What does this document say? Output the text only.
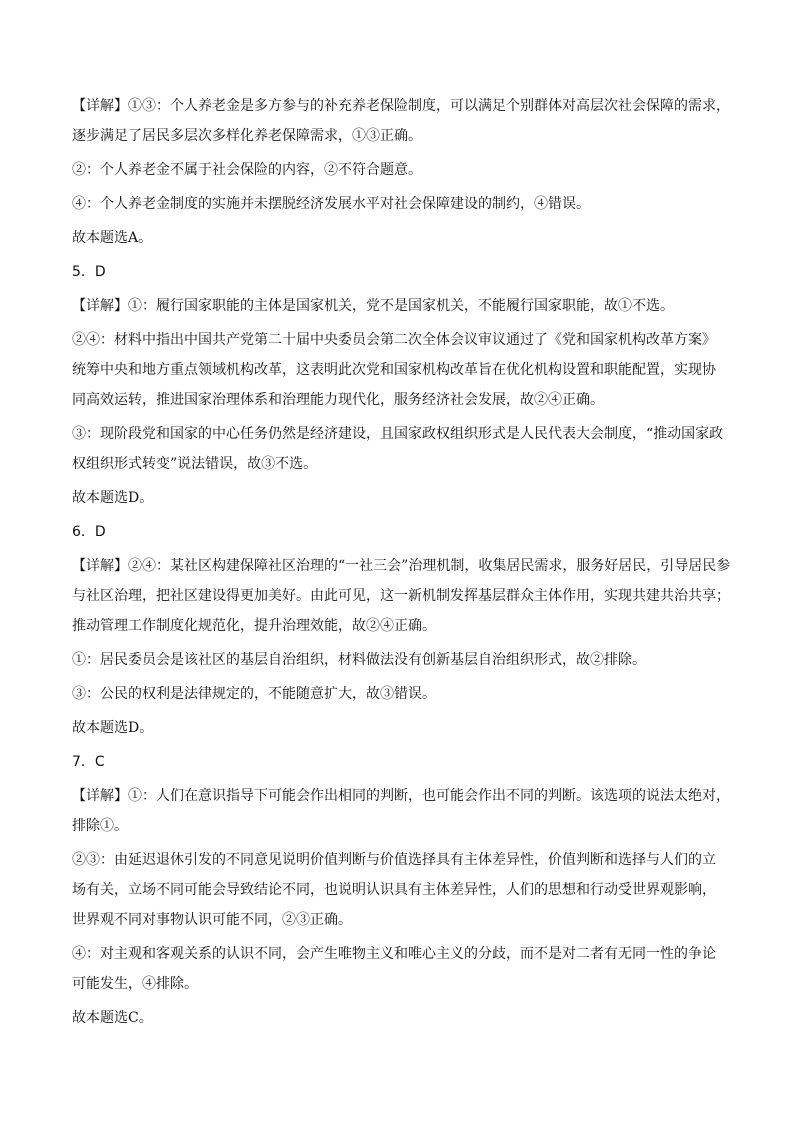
【详解】①③：个人养老金是多方参与的补充养老保险制度，可以满足个别群体对高层次社会保障的需求，

逐步满足了居民多层次多样化养老保障需求，①③正确。

②：个人养老金不属于社会保险的内容，②不符合题意。

④：个人养老金制度的实施并未摆脱经济发展水平对社会保障建设的制约，④错误。

故本题选A。

5．D

【详解】①：履行国家职能的主体是国家机关，党不是国家机关，不能履行国家职能，故①不选。

②④：材料中指出中国共产党第二十届中央委员会第二次全体会议审议通过了《党和国家机构改革方案》

统筹中央和地方重点领域机构改革，这表明此次党和国家机构改革旨在优化机构设置和职能配置，实现协

同高效运转，推进国家治理体系和治理能力现代化，服务经济社会发展，故②④正确。

③：现阶段党和国家的中心任务仍然是经济建设，且国家政权组织形式是人民代表大会制度，“推动国家政

权组织形式转变”说法错误，故③不选。

故本题选D。

6．D

【详解】②④：某社区构建保障社区治理的“一社三会”治理机制，收集居民需求，服务好居民，引导居民参

与社区治理，把社区建设得更加美好。由此可见，这一新机制发挥基层群众主体作用，实现共建共治共享；

推动管理工作制度化规范化，提升治理效能，故②④正确。

①：居民委员会是该社区的基层自治组织，材料做法没有创新基层自治组织形式，故②排除。

③：公民的权利是法律规定的，不能随意扩大，故③错误。

故本题选D。

7．C

【详解】①：人们在意识指导下可能会作出相同的判断，也可能会作出不同的判断。该选项的说法太绝对，

排除①。

②③：由延迟退休引发的不同意见说明价值判断与价值选择具有主体差异性，价值判断和选择与人们的立

场有关，立场不同可能会导致结论不同，也说明认识具有主体差异性，人们的思想和行动受世界观影响，

世界观不同对事物认识可能不同，②③正确。

④：对主观和客观关系的认识不同，会产生唯物主义和唯心主义的分歧，而不是对二者有无同一性的争论

可能发生，④排除。

故本题选C。
